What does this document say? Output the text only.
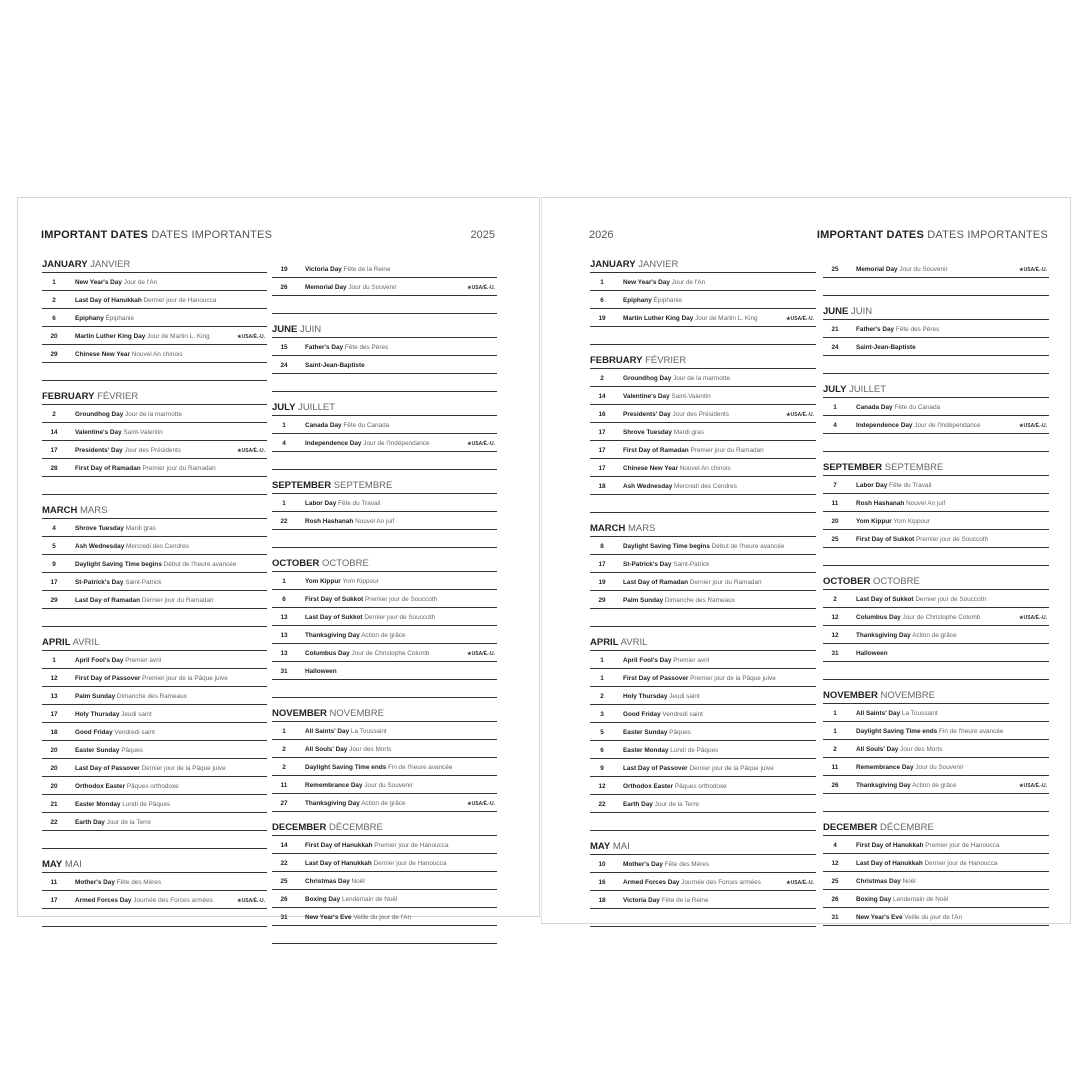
IMPORTANT DATES DATES IMPORTANTES	2025
JANUARY JANVIER
1	New Year's Day Jour de l'An
2	Last Day of Hanukkah Dernier jour de Hanoucca
6	Epiphany Épiphanie
20	Martin Luther King Day Jour de Martin L. King	★USA/É.-U.
29	Chinese New Year Nouvel An chinois
FEBRUARY FÉVRIER
2	Groundhog Day Jour de la marmotte
14	Valentine's Day Saint-Valentin
17	Presidents' Day Jour des Présidents	★USA/É.-U.
28	First Day of Ramadan Premier jour du Ramadan
MARCH MARS
4	Shrove Tuesday Mardi gras
5	Ash Wednesday Mercredi des Cendres
9	Daylight Saving Time begins Début de l'heure avancée
17	St-Patrick's Day Saint-Patrick
29	Last Day of Ramadan Dernier jour du Ramadan
APRIL AVRIL
1	April Fool's Day Premier avril
12	First Day of Passover Premier jour de la Pâque juive
13	Palm Sunday Dimanche des Rameaux
17	Holy Thursday Jeudi saint
18	Good Friday Vendredi saint
20	Easter Sunday Pâques
20	Last Day of Passover Dernier jour de la Pâque juive
20	Orthodox Easter Pâques orthodoxe
21	Easter Monday Lundi de Pâques
22	Earth Day Jour de la Terre
MAY MAI
11	Mother's Day Fête des Mères
17	Armed Forces Day Journée des Forces armées	★USA/É.-U.
19	Victoria Day Fête de la Reine
26	Memorial Day Jour du Souvenir	★USA/É.-U.
JUNE JUIN
15	Father's Day Fête des Pères
24	Saint-Jean-Baptiste
JULY JUILLET
1	Canada Day Fête du Canada
4	Independence Day Jour de l'Indépendance	★USA/É.-U.
SEPTEMBER SEPTEMBRE
1	Labor Day Fête du Travail
22	Rosh Hashanah Nouvel An juif
OCTOBER OCTOBRE
1	Yom Kippur Yom Kippour
6	First Day of Sukkot Premier jour de Souccoth
13	Last Day of Sukkot Dernier jour de Souccoth
13	Thanksgiving Day Action de grâce
13	Columbus Day Jour de Christophe Colomb	★USA/É.-U.
31	Halloween
NOVEMBER NOVEMBRE
1	All Saints' Day La Toussaint
2	All Souls' Day Jour des Morts
2	Daylight Saving Time ends Fin de l'heure avancée
11	Remembrance Day Jour du Souvenir
27	Thanksgiving Day Action de grâce	★USA/É.-U.
DECEMBER DÉCEMBRE
14	First Day of Hanukkah Premier jour de Hanoucca
22	Last Day of Hanukkah Dernier jour de Hanoucca
25	Christmas Day Noël
26	Boxing Day Lendemain de Noël
31	New Year's Eve Veille du jour de l'An
2026	IMPORTANT DATES DATES IMPORTANTES
JANUARY JANVIER
1	New Year's Day Jour de l'An
6	Epiphany Épiphanie
19	Martin Luther King Day Jour de Martin L. King	★USA/É.-U.
FEBRUARY FÉVRIER
2	Groundhog Day Jour de la marmotte
14	Valentine's Day Saint-Valentin
16	Presidents' Day Jour des Présidents	★USA/É.-U.
17	Shrove Tuesday Mardi gras
17	First Day of Ramadan Premier jour du Ramadan
17	Chinese New Year Nouvel An chinois
18	Ash Wednesday Mercredi des Cendres
MARCH MARS
8	Daylight Saving Time begins Début de l'heure avancée
17	St-Patrick's Day Saint-Patrick
19	Last Day of Ramadan Dernier jour du Ramadan
29	Palm Sunday Dimanche des Rameaux
APRIL AVRIL
1	April Fool's Day Premier avril
1	First Day of Passover Premier jour de la Pâque juive
2	Holy Thursday Jeudi saint
3	Good Friday Vendredi saint
5	Easter Sunday Pâques
6	Easter Monday Lundi de Pâques
9	Last Day of Passover Dernier jour de la Pâque juive
12	Orthodox Easter Pâques orthodoxe
22	Earth Day Jour de la Terre
MAY MAI
10	Mother's Day Fête des Mères
16	Armed Forces Day Journée des Forces armées	★USA/É.-U.
18	Victoria Day Fête de la Reine
25	Memorial Day Jour du Souvenir	★USA/É.-U.
JUNE JUIN
21	Father's Day Fête des Pères
24	Saint-Jean-Baptiste
JULY JUILLET
1	Canada Day Fête du Canada
4	Independence Day Jour de l'Indépendance	★USA/É.-U.
SEPTEMBER SEPTEMBRE
7	Labor Day Fête du Travail
11	Rosh Hashanah Nouvel An juif
20	Yom Kippur Yom Kippour
25	First Day of Sukkot Premier jour de Souccoth
OCTOBER OCTOBRE
2	Last Day of Sukkot Dernier jour de Souccoth
12	Columbus Day Jour de Christophe Colomb	★USA/É.-U.
12	Thanksgiving Day Action de grâce
31	Halloween
NOVEMBER NOVEMBRE
1	All Saints' Day La Toussaint
1	Daylight Saving Time ends Fin de l'heure avancée
2	All Souls' Day Jour des Morts
11	Remembrance Day Jour du Souvenir
26	Thanksgiving Day Action de grâce	★USA/É.-U.
DECEMBER DÉCEMBRE
4	First Day of Hanukkah Premier jour de Hanoucca
12	Last Day of Hanukkah Dernier jour de Hanoucca
25	Christmas Day Noël
26	Boxing Day Lendemain de Noël
31	New Year's Eve Veille du jour de l'An
